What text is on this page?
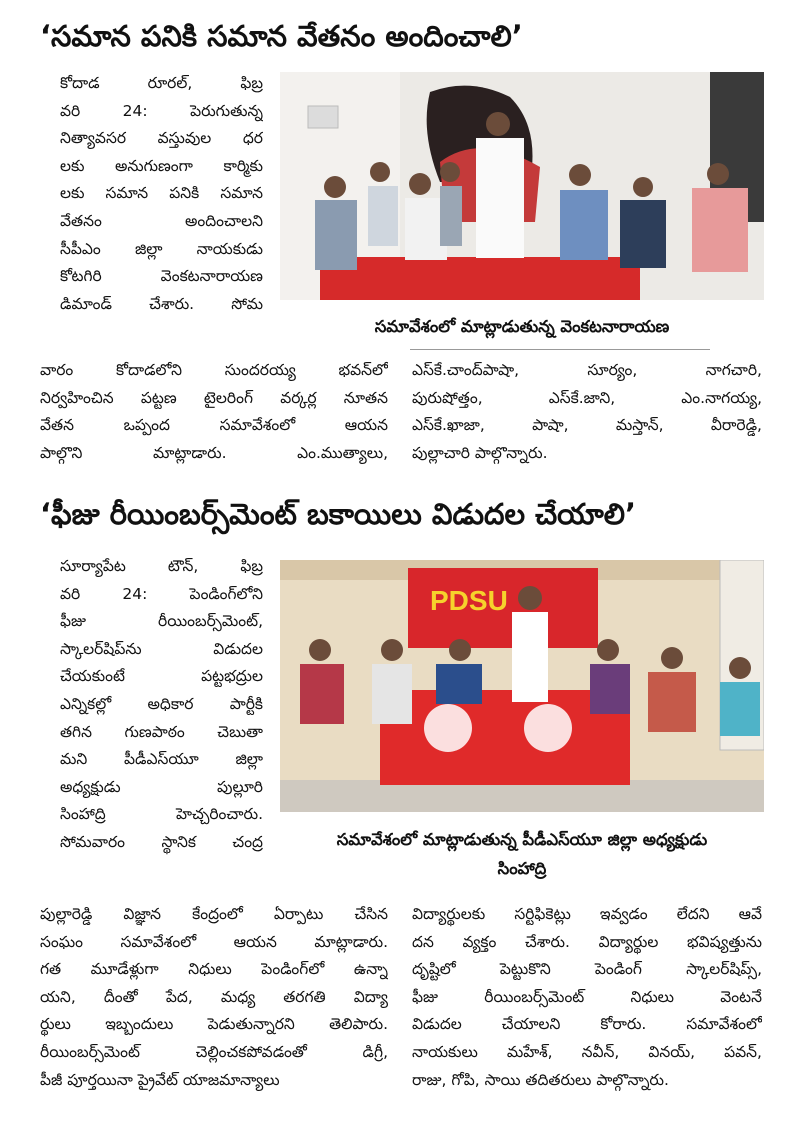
‘సమాన పనికి సమాన వేతనం అందించాలి’
కోదాడ రూరల్, ఫిబ్ర
వరి 24: పెరుగుతున్న
నిత్యావసర వస్తువుల ధర
లకు అనుగుణంగా కార్మికు
లకు సమాన పనికి సమాన
వేతనం అందించాలని
సీపీఎం జిల్లా నాయకుడు
కోటగిరి వెంకటనారాయణ
డిమాండ్ చేశారు. సోమ
సమావేశంలో మాట్లాడుతున్న వెంకటనారాయణ
వారం కోదాడలోని సుందరయ్య భవన్‌లో
నిర్వహించిన పట్టణ టైలరింగ్ వర్కర్ల నూతన
వేతన ఒప్పంద సమావేశంలో ఆయన
పాల్గొని మాట్లాడారు. ఎం.ముత్యాలు,
ఎస్‌కే.చాంద్‌పాషా, సూర్యం, నాగచారి,
పురుషోత్తం, ఎస్‌కే.జాని, ఎం.నాగయ్య,
ఎస్‌కే.ఖాజా, పాషా, మస్తాన్, వీరారెడ్డి,
పుల్లాచారి పాల్గొన్నారు.
‘ఫీజు రీయింబర్స్‌మెంట్ బకాయిలు విడుదల చేయాలి’
సూర్యాపేట టౌన్, ఫిబ్ర
వరి 24: పెండింగ్‌లోని
ఫీజు రీయింబర్స్‌మెంట్,
స్కాలర్‌షిప్‌ను విడుదల
చేయకుంటే పట్టభద్రుల
ఎన్నికల్లో అధికార పార్టీకి
తగిన గుణపాఠం చెబుతా
మని పీడీఎస్‌యూ జిల్లా
అధ్యక్షుడు పుల్లూరి
సింహాద్రి హెచ్చరించారు.
సోమవారం స్థానిక చంద్ర
PDSU
సమావేశంలో మాట్లాడుతున్న పీడీఎస్‌యూ జిల్లా అధ్యక్షుడు
సింహాద్రి
పుల్లారెడ్డి విజ్ఞాన కేంద్రంలో ఏర్పాటు చేసిన
సంఘం సమావేశంలో ఆయన మాట్లాడారు.
గత మూడేళ్లుగా నిధులు పెండింగ్‌లో ఉన్నా
యని, దీంతో పేద, మధ్య తరగతి విద్యా
ర్థులు ఇబ్బందులు పెడుతున్నారని తెలిపారు.
రీయింబర్స్‌మెంట్ చెల్లించకపోవడంతో డిగ్రీ,
పీజీ పూర్తయినా ప్రైవేట్ యాజమాన్యాలు
విద్యార్థులకు సర్టిఫికెట్లు ఇవ్వడం లేదని ఆవే
దన వ్యక్తం చేశారు. విద్యార్థుల భవిష్యత్తును
దృష్టిలో పెట్టుకొని పెండింగ్ స్కాలర్‌షిప్స్,
ఫీజు రీయింబర్స్‌మెంట్ నిధులు వెంటనే
విడుదల చేయాలని కోరారు. సమావేశంలో
నాయకులు మహేశ్, నవీన్, వినయ్, పవన్,
రాజు, గోపి, సాయి తదితరులు పాల్గొన్నారు.
